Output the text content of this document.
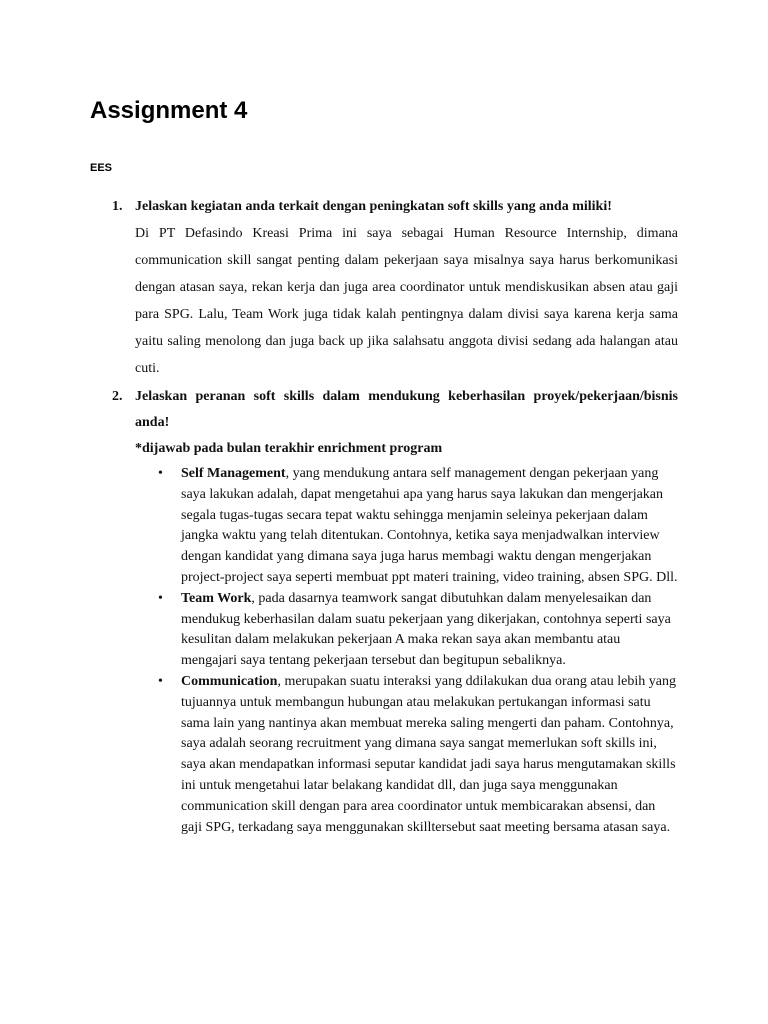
Assignment 4
EES
1. Jelaskan kegiatan anda terkait dengan peningkatan soft skills yang anda miliki!

Di PT Defasindo Kreasi Prima ini saya sebagai Human Resource Internship, dimana communication skill sangat penting dalam pekerjaan saya misalnya saya harus berkomunikasi dengan atasan saya, rekan kerja dan juga area coordinator untuk mendiskusikan absen atau gaji para SPG. Lalu, Team Work juga tidak kalah pentingnya dalam divisi saya karena kerja sama yaitu saling menolong dan juga back up jika salahsatu anggota divisi sedang ada halangan atau cuti.

2. Jelaskan peranan soft skills dalam mendukung keberhasilan proyek/pekerjaan/bisnis anda!
*dijawab pada bulan terakhir enrichment program
• Self Management, yang mendukung antara self management dengan pekerjaan yang saya lakukan adalah, dapat mengetahui apa yang harus saya lakukan dan mengerjakan segala tugas-tugas secara tepat waktu sehingga menjamin seleinya pekerjaan dalam jangka waktu yang telah ditentukan. Contohnya, ketika saya menjadwalkan interview dengan kandidat yang dimana saya juga harus membagi waktu dengan mengerjakan project-project saya seperti membuat ppt materi training, video training, absen SPG. Dll.
• Team Work, pada dasarnya teamwork sangat dibutuhkan dalam menyelesaikan dan mendukug keberhasilan dalam suatu pekerjaan yang dikerjakan, contohnya seperti saya kesulitan dalam melakukan pekerjaan A maka rekan saya akan membantu atau mengajari saya tentang pekerjaan tersebut dan begitupun sebaliknya.
• Communication, merupakan suatu interaksi yang ddilakukan dua orang atau lebih yang tujuannya untuk membangun hubungan atau melakukan pertukangan informasi satu sama lain yang nantinya akan membuat mereka saling mengerti dan paham. Contohnya, saya adalah seorang recruitment yang dimana saya sangat memerlukan soft skills ini, saya akan mendapatkan informasi seputar kandidat jadi saya harus mengutamakan skills ini untuk mengetahui latar belakang kandidat dll, dan juga saya menggunakan communication skill dengan para area coordinator untuk membicarakan absensi, dan gaji SPG, terkadang saya menggunakan skilltersebut saat meeting bersama atasan saya.
